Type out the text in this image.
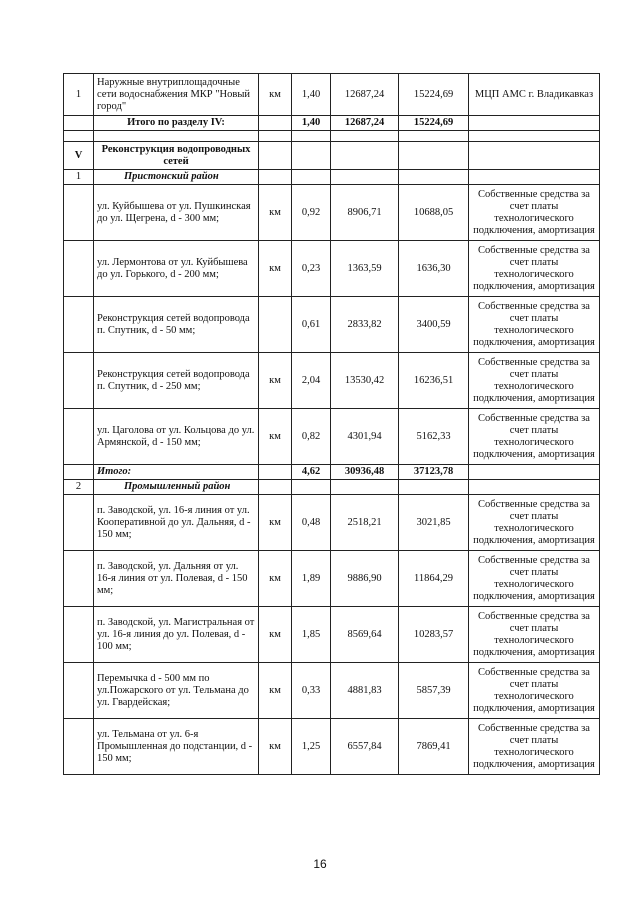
1	Наружные внутриплощадочные сети водоснабжения МКР "Новый город"	км	1,40	12687,24	15224,69	МЦП АМС г. Владикавказ
	Итого по разделу IV:		1,40	12687,24	15224,69	

V	Реконструкция водопроводных сетей					
1	Пристонский район					
	ул. Куйбышева от ул. Пушкинская до ул. Щегрена, d - 300 мм;	км	0,92	8906,71	10688,05	Собственные средства за счет платы технологического подключения, амортизация
	ул. Лермонтова от ул. Куйбышева до ул. Горького, d - 200 мм;	км	0,23	1363,59	1636,30	Собственные средства за счет платы технологического подключения, амортизация
	Реконструкция сетей водопровода п. Спутник, d - 50 мм;		0,61	2833,82	3400,59	Собственные средства за счет платы технологического подключения, амортизация
	Реконструкция сетей водопровода п. Спутник, d - 250 мм;	км	2,04	13530,42	16236,51	Собственные средства за счет платы технологического подключения, амортизация
	ул. Цаголова от ул. Кольцова до ул. Армянской, d - 150 мм;	км	0,82	4301,94	5162,33	Собственные средства за счет платы технологического подключения, амортизация
	Итого:		4,62	30936,48	37123,78	
2	Промышленный район					
	п. Заводской, ул. 16-я линия от ул. Кооперативной до ул. Дальняя, d - 150 мм;	км	0,48	2518,21	3021,85	Собственные средства за счет платы технологического подключения, амортизация
	п. Заводской, ул. Дальняя от ул. 16-я линия от ул. Полевая, d - 150 мм;	км	1,89	9886,90	11864,29	Собственные средства за счет платы технологического подключения, амортизация
	п. Заводской, ул. Магистральная от ул. 16-я линия до ул. Полевая, d - 100 мм;	км	1,85	8569,64	10283,57	Собственные средства за счет платы технологического подключения, амортизация
	Перемычка d - 500 мм по ул.Пожарского от ул. Тельмана до ул. Гвардейская;	км	0,33	4881,83	5857,39	Собственные средства за счет платы технологического подключения, амортизация
	ул. Тельмана от ул. 6-я Промышленная до подстанции, d - 150 мм;	км	1,25	6557,84	7869,41	Собственные средства за счет платы технологического подключения, амортизация
16
